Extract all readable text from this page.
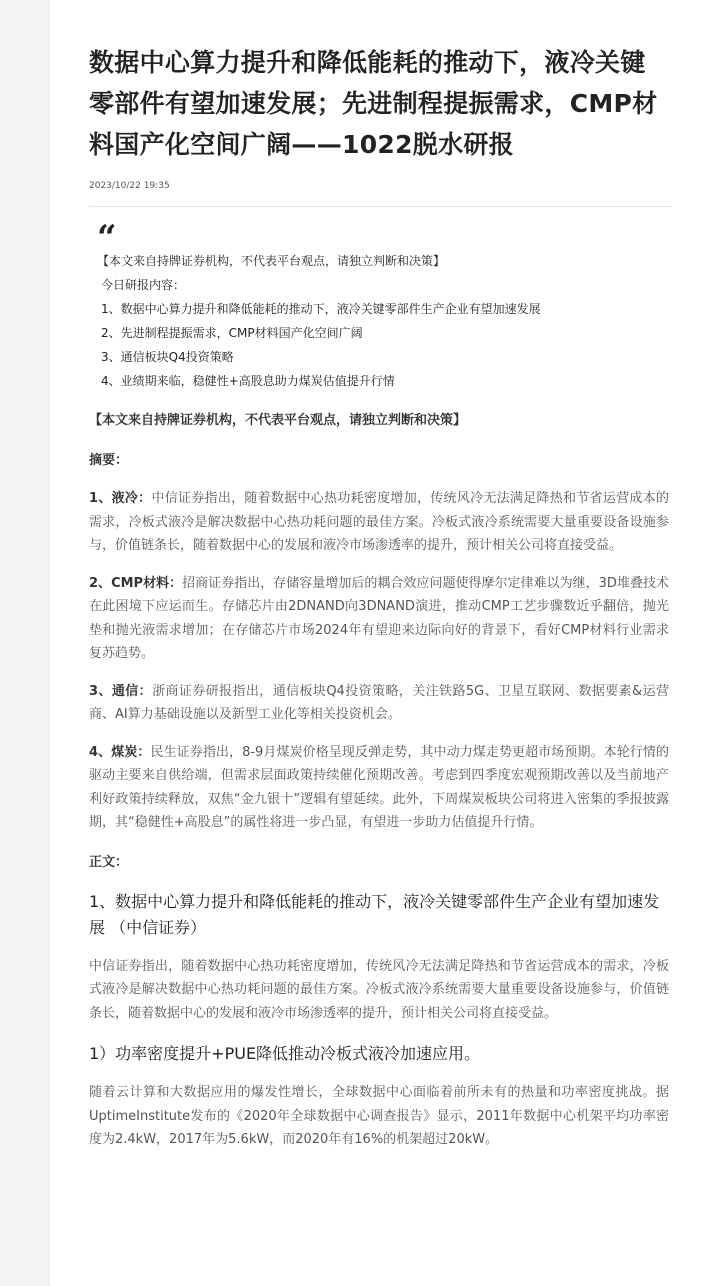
数据中心算力提升和降低能耗的推动下，液冷关键零部件有望加速发展；先进制程提振需求，CMP材料国产化空间广阔——1022脱水研报
2023/10/22 19:35
“
【本文来自持牌证券机构，不代表平台观点，请独立判断和决策】
今日研报内容：
1、数据中心算力提升和降低能耗的推动下，液冷关键零部件生产企业有望加速发展
2、先进制程提振需求，CMP材料国产化空间广阔
3、通信板块Q4投资策略
4、业绩期来临，稳健性+高股息助力煤炭估值提升行情
【本文来自持牌证券机构，不代表平台观点，请独立判断和决策】
摘要：

1、液冷：中信证券指出，随着数据中心热功耗密度增加，传统风冷无法满足降热和节省运营成本的需求，冷板式液冷是解决数据中心热功耗问题的最佳方案。冷板式液冷系统需要大量重要设备设施参与，价值链条长，随着数据中心的发展和液冷市场渗透率的提升，预计相关公司将直接受益。

2、CMP材料：招商证券指出，存储容量增加后的耦合效应问题使得摩尔定律难以为继，3D堆叠技术在此困境下应运而生。存储芯片由2DNAND向3DNAND演进，推动CMP工艺步骤数近乎翻倍，抛光垫和抛光液需求增加；在存储芯片市场2024年有望迎来边际向好的背景下，看好CMP材料行业需求复苏趋势。

3、通信：浙商证券研报指出，通信板块Q4投资策略，关注铁路5G、卫星互联网、数据要素&运营商、AI算力基础设施以及新型工业化等相关投资机会。

4、煤炭：民生证券指出，8-9月煤炭价格呈现反弹走势，其中动力煤走势更超市场预期。本轮行情的驱动主要来自供给端，但需求层面政策持续催化预期改善。考虑到四季度宏观预期改善以及当前地产利好政策持续释放，双焦“金九银十”逻辑有望延续。此外，下周煤炭板块公司将进入密集的季报披露期，其“稳健性+高股息”的属性将进一步凸显，有望进一步助力估值提升行情。

正文：
1、数据中心算力提升和降低能耗的推动下，液冷关键零部件生产企业有望加速发展 （中信证券）

中信证券指出，随着数据中心热功耗密度增加，传统风冷无法满足降热和节省运营成本的需求，冷板式液冷是解决数据中心热功耗问题的最佳方案。冷板式液冷系统需要大量重要设备设施参与，价值链条长，随着数据中心的发展和液冷市场渗透率的提升，预计相关公司将直接受益。

1）功率密度提升+PUE降低推动冷板式液冷加速应用。

随着云计算和大数据应用的爆发性增长，全球数据中心面临着前所未有的热量和功率密度挑战。据UptimeInstitute发布的《2020年全球数据中心调查报告》显示，2011年数据中心机架平均功率密度为2.4kW，2017年为5.6kW，而2020年有16%的机架超过20kW。
